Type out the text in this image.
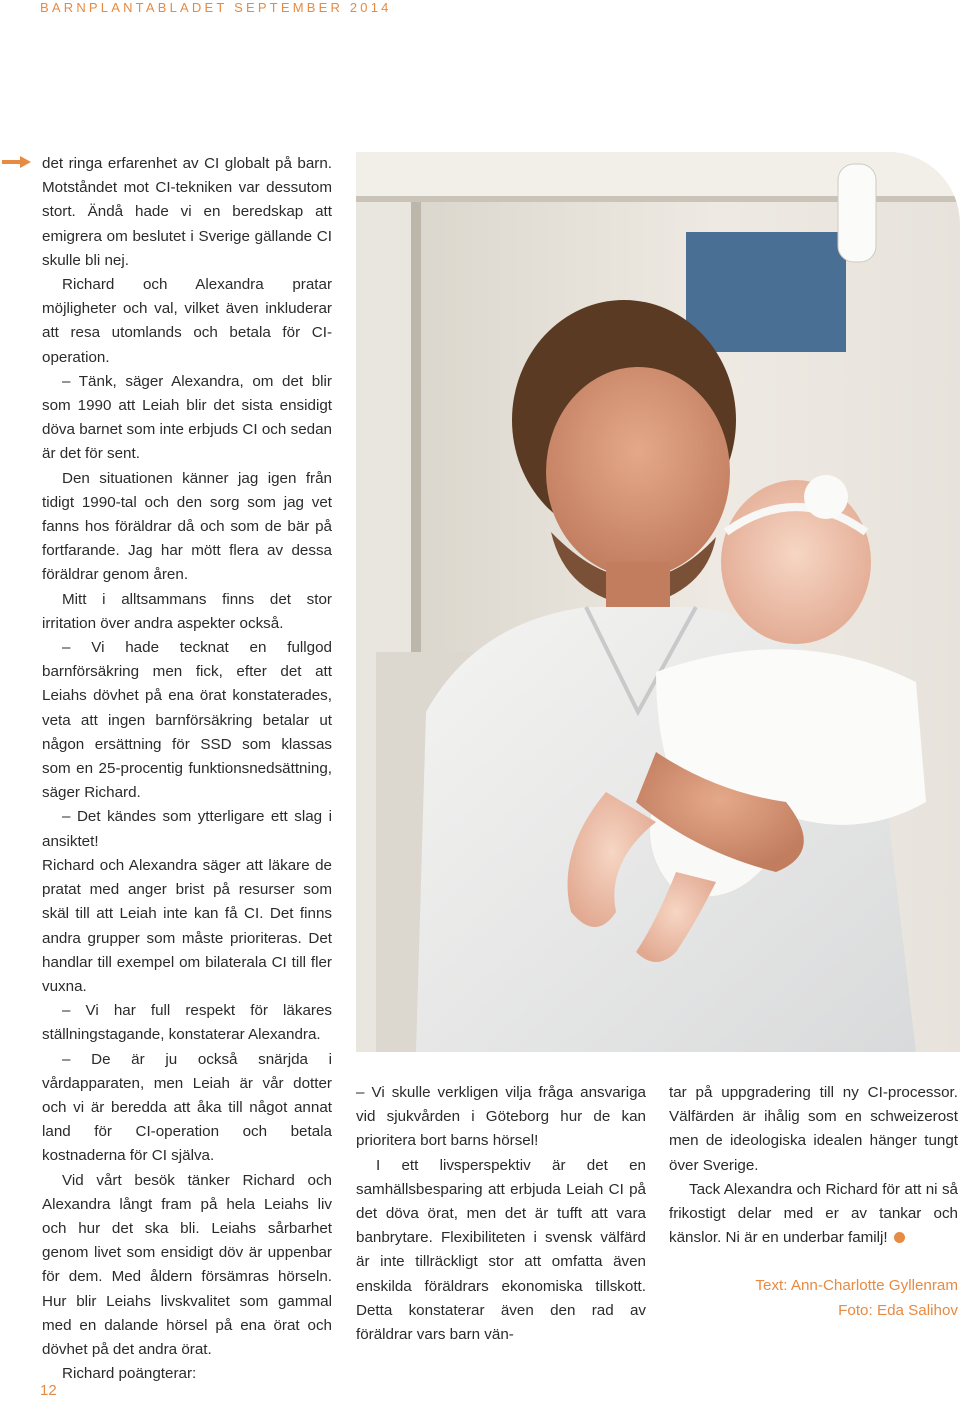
BARNPLANTABLADET SEPTEMBER 2014

det ringa erfarenhet av CI globalt på barn. Motståndet mot CI-tekniken var dessutom stort. Ändå hade vi en beredskap att emigrera om beslutet i Sverige gällande CI skulle bli nej.

Richard och Alexandra pratar möjligheter och val, vilket även inkluderar att resa utomlands och betala för CI-operation.

– Tänk, säger Alexandra, om det blir som 1990 att Leiah blir det sista ensidigt döva barnet som inte erbjuds CI och sedan är det för sent.

Den situationen känner jag igen från tidigt 1990-tal och den sorg som jag vet fanns hos föräldrar då och som de bär på fortfarande. Jag har mött flera av dessa föräldrar genom åren.

Mitt i alltsammans finns det stor irritation över andra aspekter också.

– Vi hade tecknat en fullgod barnförsäkring men fick, efter det att Leiahs dövhet på ena örat konstaterades, veta att ingen barnförsäkring betalar ut någon ersättning för SSD som klassas som en 25-procentig funktionsnedsättning, säger Richard.

– Det kändes som ytterligare ett slag i ansiktet!

Richard och Alexandra säger att läkare de pratat med anger brist på resurser som skäl till att Leiah inte kan få CI. Det finns andra grupper som måste prioriteras. Det handlar till exempel om bilaterala CI till fler vuxna.

– Vi har full respekt för läkares ställningstagande, konstaterar Alexandra.

– De är ju också snärjda i vårdapparaten, men Leiah är vår dotter och vi är beredda att åka till något annat land för CI-operation och betala kostnaderna för CI själva.

Vid vårt besök tänker Richard och Alexandra långt fram på hela Leiahs liv och hur det ska bli. Leiahs sårbarhet genom livet som ensidigt döv är uppenbar för dem. Med åldern försämras hörseln. Hur blir Leiahs livskvalitet som gammal med en dalande hörsel på ena örat och dövhet på det andra örat.

Richard poängterar:

– Vi skulle verkligen vilja fråga ansvariga vid sjukvården i Göteborg hur de kan prioritera bort barns hörsel!

I ett livsperspektiv är det en samhällsbesparing att erbjuda Leiah CI på det döva örat, men det är tufft att vara banbrytare. Flexibiliteten i svensk välfärd är inte tillräckligt stor att omfatta även enskilda föräldrars ekonomiska tillskott. Detta konstaterar även den rad av föräldrar vars barn vän-

tar på uppgradering till ny CI-processor. Välfärden är ihålig som en schweizerost men de ideologiska idealen hänger tungt över Sverige.

Tack Alexandra och Richard för att ni så frikostigt delar med er av tankar och känslor. Ni är en underbar familj!

Text: Ann-Charlotte Gyllenram

Foto: Eda Salihov

12
